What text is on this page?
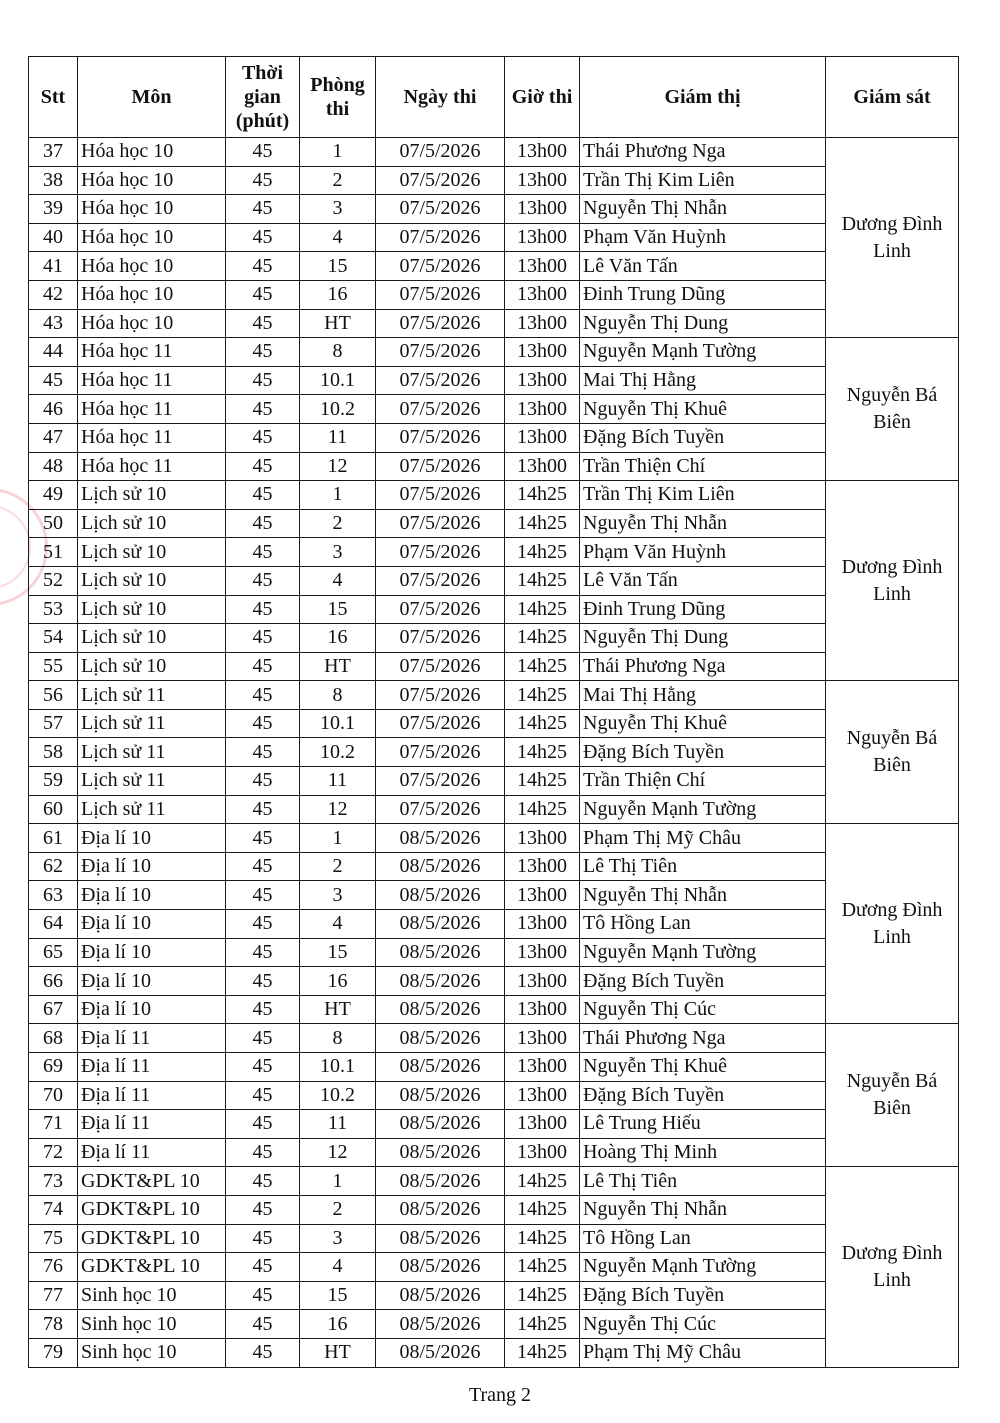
Stt	Môn	Thời gian (phút)	Phòng thi	Ngày thi	Giờ thi	Giám thị	Giám sát
37	Hóa học 10	45	1	07/5/2026	13h00	Thái Phương Nga	Dương Đình
Linh

38	Hóa học 10	45	2	07/5/2026	13h00	Trần Thị Kim Liên	
39	Hóa học 10	45	3	07/5/2026	13h00	Nguyễn Thị Nhẫn	
40	Hóa học 10	45	4	07/5/2026	13h00	Phạm Văn Huỳnh	
41	Hóa học 10	45	15	07/5/2026	13h00	Lê Văn Tấn	
42	Hóa học 10	45	16	07/5/2026	13h00	Đinh Trung Dũng	
43	Hóa học 10	45	HT	07/5/2026	13h00	Nguyễn Thị Dung	
44	Hóa học 11	45	8	07/5/2026	13h00	Nguyễn Mạnh Tường	Nguyễn Bá
Biên

45	Hóa học 11	45	10.1	07/5/2026	13h00	Mai Thị Hằng	
46	Hóa học 11	45	10.2	07/5/2026	13h00	Nguyễn Thị Khuê	
47	Hóa học 11	45	11	07/5/2026	13h00	Đặng Bích Tuyền	
48	Hóa học 11	45	12	07/5/2026	13h00	Trần Thiện Chí	
49	Lịch sử 10	45	1	07/5/2026	14h25	Trần Thị Kim Liên	Dương Đình
Linh

50	Lịch sử 10	45	2	07/5/2026	14h25	Nguyễn Thị Nhẫn	
51	Lịch sử 10	45	3	07/5/2026	14h25	Phạm Văn Huỳnh	
52	Lịch sử 10	45	4	07/5/2026	14h25	Lê Văn Tấn	
53	Lịch sử 10	45	15	07/5/2026	14h25	Đinh Trung Dũng	
54	Lịch sử 10	45	16	07/5/2026	14h25	Nguyễn Thị Dung	
55	Lịch sử 10	45	HT	07/5/2026	14h25	Thái Phương Nga	
56	Lịch sử 11	45	8	07/5/2026	14h25	Mai Thị Hằng	Nguyễn Bá
Biên

57	Lịch sử 11	45	10.1	07/5/2026	14h25	Nguyễn Thị Khuê	
58	Lịch sử 11	45	10.2	07/5/2026	14h25	Đặng Bích Tuyền	
59	Lịch sử 11	45	11	07/5/2026	14h25	Trần Thiện Chí	
60	Lịch sử 11	45	12	07/5/2026	14h25	Nguyễn Mạnh Tường	
61	Địa lí 10	45	1	08/5/2026	13h00	Phạm Thị Mỹ Châu	Dương Đình
Linh

62	Địa lí 10	45	2	08/5/2026	13h00	Lê Thị Tiên	
63	Địa lí 10	45	3	08/5/2026	13h00	Nguyễn Thị Nhẫn	
64	Địa lí 10	45	4	08/5/2026	13h00	Tô Hồng Lan	
65	Địa lí 10	45	15	08/5/2026	13h00	Nguyễn Mạnh Tường	
66	Địa lí 10	45	16	08/5/2026	13h00	Đặng Bích Tuyền	
67	Địa lí 10	45	HT	08/5/2026	13h00	Nguyễn Thị Cúc	
68	Địa lí 11	45	8	08/5/2026	13h00	Thái Phương Nga	Nguyễn Bá
Biên

69	Địa lí 11	45	10.1	08/5/2026	13h00	Nguyễn Thị Khuê	
70	Địa lí 11	45	10.2	08/5/2026	13h00	Đặng Bích Tuyền	
71	Địa lí 11	45	11	08/5/2026	13h00	Lê Trung Hiếu	
72	Địa lí 11	45	12	08/5/2026	13h00	Hoàng Thị Minh	
73	GDKT&PL 10	45	1	08/5/2026	14h25	Lê Thị Tiên	Dương Đình
Linh

74	GDKT&PL 10	45	2	08/5/2026	14h25	Nguyễn Thị Nhẫn	
75	GDKT&PL 10	45	3	08/5/2026	14h25	Tô Hồng Lan	
76	GDKT&PL 10	45	4	08/5/2026	14h25	Nguyễn Mạnh Tường	
77	Sinh học 10	45	15	08/5/2026	14h25	Đặng Bích Tuyền	
78	Sinh học 10	45	16	08/5/2026	14h25	Nguyễn Thị Cúc	
79	Sinh học 10	45	HT	08/5/2026	14h25	Phạm Thị Mỹ Châu	
Trang 2
